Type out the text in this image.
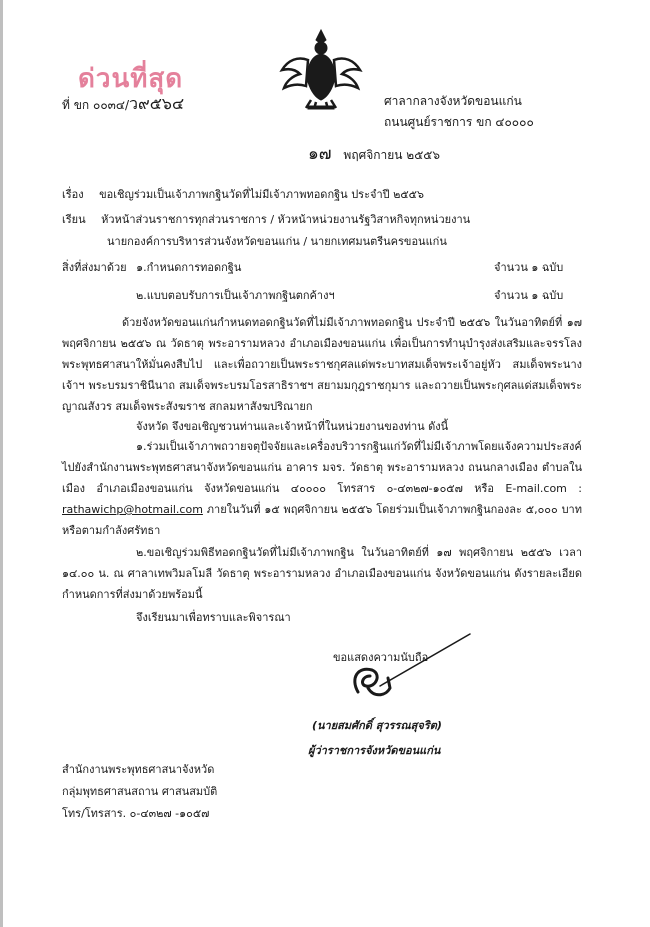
ด่วนที่สุด
ที่ ขก ๐๐๓๔/ว๙๕๖๔	ศาลากลางจังหวัดขอนแก่น
ถนนศูนย์ราชการ ขก ๔๐๐๐๐
๑๗ พฤศจิกายน ๒๕๕๖
เรื่อง ขอเชิญร่วมเป็นเจ้าภาพกฐินวัดที่ไม่มีเจ้าภาพทอดกฐิน ประจำปี ๒๕๕๖
เรียน หัวหน้าส่วนราชการทุกส่วนราชการ / หัวหน้าหน่วยงานรัฐวิสาหกิจทุกหน่วยงาน
นายกองค์การบริหารส่วนจังหวัดขอนแก่น / นายกเทศมนตรีนครขอนแก่น
สิ่งที่ส่งมาด้วย ๑.กำหนดการทอดกฐิน	จำนวน ๑ ฉบับ
๒.แบบตอบรับการเป็นเจ้าภาพกฐินตกค้างฯ	จำนวน ๑ ฉบับ
ด้วยจังหวัดขอนแก่นกำหนดทอดกฐินวัดที่ไม่มีเจ้าภาพทอดกฐิน ประจำปี ๒๕๕๖ ในวันอาทิตย์ที่ ๑๗ พฤศจิกายน ๒๕๕๖ ณ วัดธาตุ พระอารามหลวง อำเภอเมืองขอนแก่น เพื่อเป็นการทำนุบำรุงส่งเสริมและจรรโลงพระพุทธศาสนาให้มั่นคงสืบไป และเพื่อถวายเป็นพระราชกุศลแด่พระบาทสมเด็จพระเจ้าอยู่หัว สมเด็จพระนางเจ้าฯ พระบรมราชินีนาถ สมเด็จพระบรมโอรสาธิราชฯ สยามมกุฎราชกุมาร และถวายเป็นพระกุศลแด่สมเด็จพระญาณสังวร สมเด็จพระสังฆราช สกลมหาสังฆปริณายก
จังหวัด จึงขอเชิญชวนท่านและเจ้าหน้าที่ในหน่วยงานของท่าน ดังนี้
๑.ร่วมเป็นเจ้าภาพถวายจตุปัจจัยและเครื่องบริวารกฐินแก่วัดที่ไม่มีเจ้าภาพโดยแจ้งความประสงค์ไปยังสำนักงานพระพุทธศาสนาจังหวัดขอนแก่น อาคาร มจร. วัดธาตุ พระอารามหลวง ถนนกลางเมือง ตำบลในเมือง อำเภอเมืองขอนแก่น จังหวัดขอนแก่น ๔๐๐๐๐ โทรสาร ๐-๔๓๒๗-๑๐๕๗ หรือ E-mail.com : rathawichp@hotmail.com ภายในวันที่ ๑๕ พฤศจิกายน ๒๕๕๖ โดยร่วมเป็นเจ้าภาพกฐินกองละ ๕,๐๐๐ บาท หรือตามกำลังศรัทธา
๒.ขอเชิญร่วมพิธีทอดกฐินวัดที่ไม่มีเจ้าภาพกฐิน ในวันอาทิตย์ที่ ๑๗ พฤศจิกายน ๒๕๕๖ เวลา ๑๔.๐๐ น. ณ ศาลาเทพวิมลโมลี วัดธาตุ พระอารามหลวง อำเภอเมืองขอนแก่น จังหวัดขอนแก่น ดังรายละเอียดกำหนดการที่ส่งมาด้วยพร้อมนี้
จึงเรียนมาเพื่อทราบและพิจารณา
ขอแสดงความนับถือ
(นายสมศักดิ์ สุวรรณสุจริต)
ผู้ว่าราชการจังหวัดขอนแก่น
สำนักงานพระพุทธศาสนาจังหวัด
กลุ่มพุทธศาสนสถาน ศาสนสมบัติ
โทร/โทรสาร. ๐-๔๓๒๗ -๑๐๕๗
